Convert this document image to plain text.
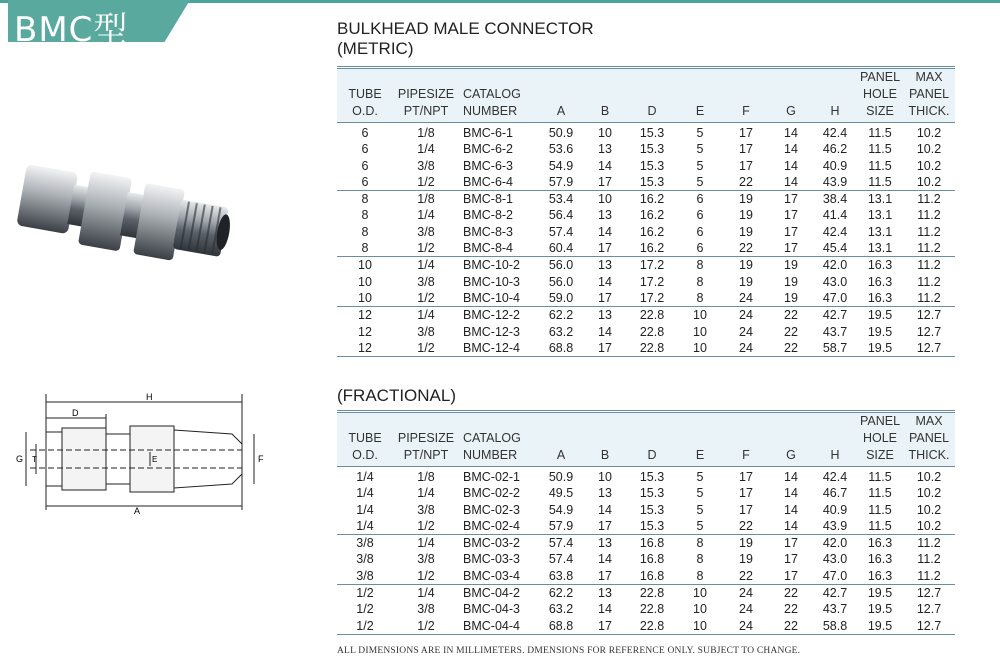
BMC型	BULKHEAD MALE CONNECTOR
(METRIC)
H
D
G T	E	F
A
TUBE
O.D.	PIPESIZE
PT/NPT	CATALOG
NUMBER	A	B	D	E	F	G	H	PANEL
HOLE
SIZE	MAX
PANEL
THICK.
6	1/8	BMC-6-1	50.9	10	15.3	5	17	14	42.4	11.5	10.2
6	1/4	BMC-6-2	53.6	13	15.3	5	17	14	46.2	11.5	10.2
6	3/8	BMC-6-3	54.9	14	15.3	5	17	14	40.9	11.5	10.2
6	1/2	BMC-6-4	57.9	17	15.3	5	22	14	43.9	11.5	10.2
8	1/8	BMC-8-1	53.4	10	16.2	6	19	17	38.4	13.1	11.2
8	1/4	BMC-8-2	56.4	13	16.2	6	19	17	41.4	13.1	11.2
8	3/8	BMC-8-3	57.4	14	16.2	6	19	17	42.4	13.1	11.2
8	1/2	BMC-8-4	60.4	17	16.2	6	22	17	45.4	13.1	11.2
10	1/4	BMC-10-2	56.0	13	17.2	8	19	19	42.0	16.3	11.2
10	3/8	BMC-10-3	56.0	14	17.2	8	19	19	43.0	16.3	11.2
10	1/2	BMC-10-4	59.0	17	17.2	8	24	19	47.0	16.3	11.2
12	1/4	BMC-12-2	62.2	13	22.8	10	24	22	42.7	19.5	12.7
12	3/8	BMC-12-3	63.2	14	22.8	10	24	22	43.7	19.5	12.7
12	1/2	BMC-12-4	68.8	17	22.8	10	24	22	58.7	19.5	12.7
(FRACTIONAL)
TUBE
O.D.	PIPESIZE
PT/NPT	CATALOG
NUMBER	A	B	D	E	F	G	H	PANEL
HOLE
SIZE	MAX
PANEL
THICK.
1/4	1/8	BMC-02-1	50.9	10	15.3	5	17	14	42.4	11.5	10.2
1/4	1/4	BMC-02-2	49.5	13	15.3	5	17	14	46.7	11.5	10.2
1/4	3/8	BMC-02-3	54.9	14	15.3	5	17	14	40.9	11.5	10.2
1/4	1/2	BMC-02-4	57.9	17	15.3	5	22	14	43.9	11.5	10.2
3/8	1/4	BMC-03-2	57.4	13	16.8	8	19	17	42.0	16.3	11.2
3/8	3/8	BMC-03-3	57.4	14	16.8	8	19	17	43.0	16.3	11.2
3/8	1/2	BMC-03-4	63.8	17	16.8	8	22	17	47.0	16.3	11.2
1/2	1/4	BMC-04-2	62.2	13	22.8	10	24	22	42.7	19.5	12.7
1/2	3/8	BMC-04-3	63.2	14	22.8	10	24	22	43.7	19.5	12.7
1/2	1/2	BMC-04-4	68.8	17	22.8	10	24	22	58.8	19.5	12.7
ALL DIMENSIONS ARE IN MILLIMETERS. DMENSIONS FOR REFERENCE ONLY. SUBJECT TO CHANGE.
